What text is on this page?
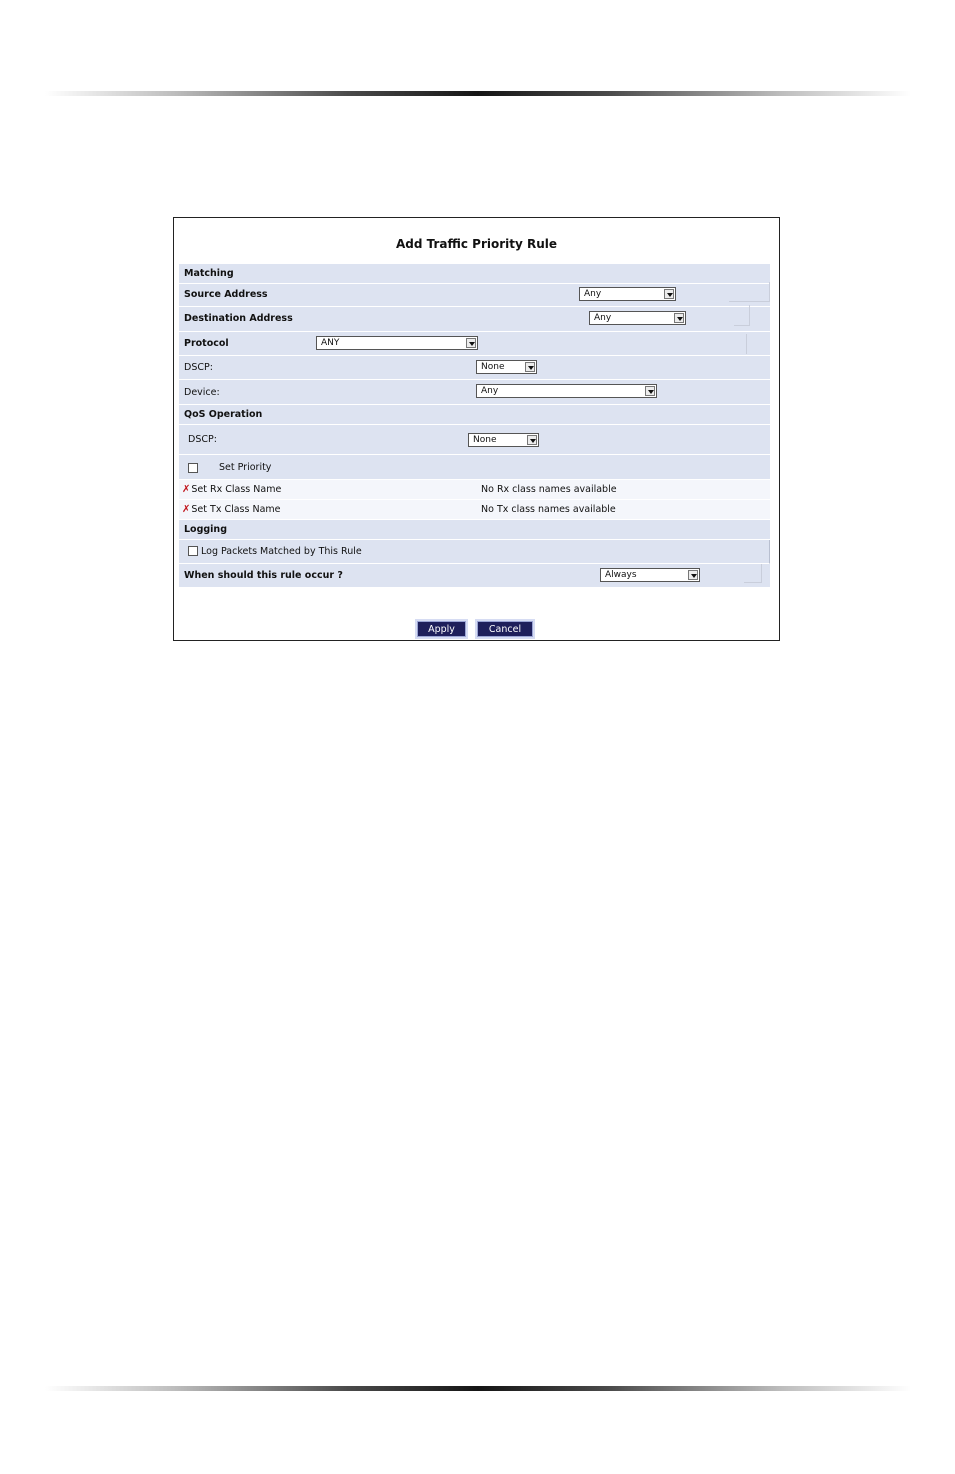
Add Traffic Priority Rule
Matching
Source Address	Any
Destination Address	Any
Protocol	ANY
DSCP:	None
Device:	Any
QoS Operation
DSCP:	None
Set Priority
✗Set Rx Class Name	No Rx class names available
✗Set Tx Class Name	No Tx class names available
Logging
Log Packets Matched by This Rule
When should this rule occur ?	Always
Apply	Cancel
